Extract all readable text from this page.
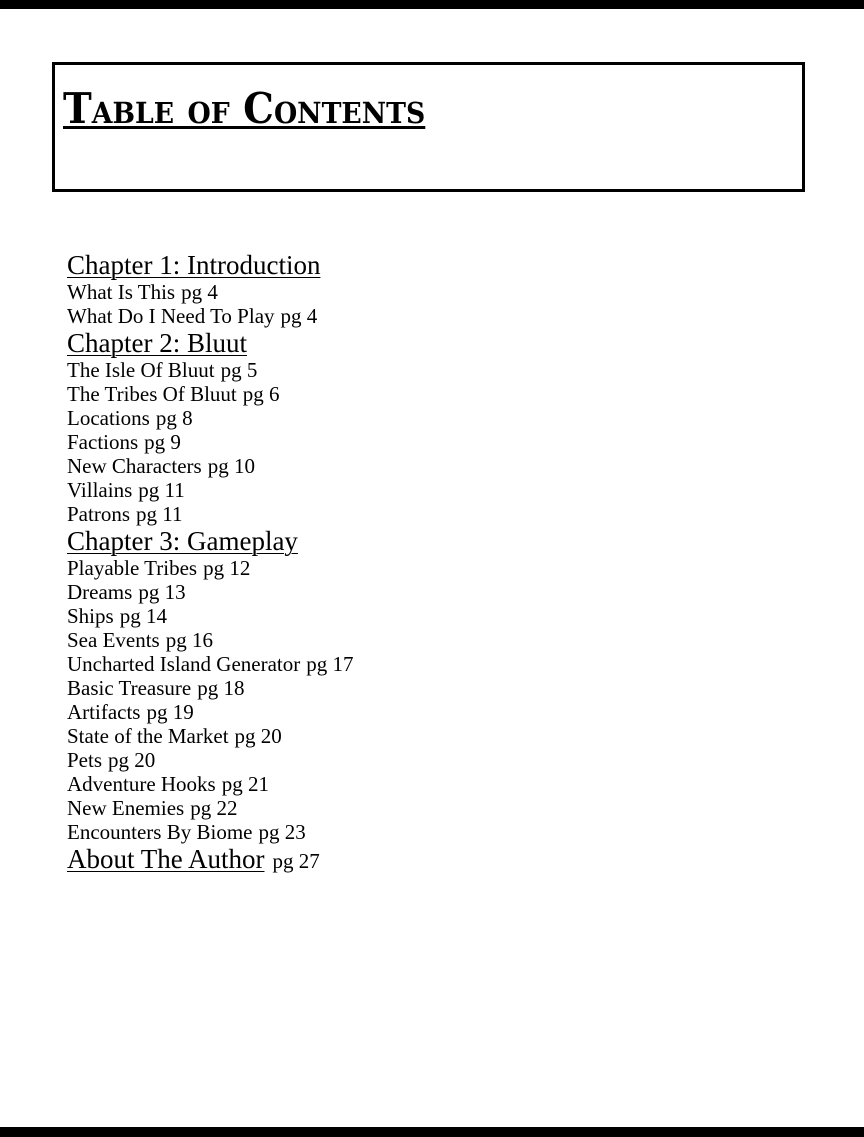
Table of Contents
Chapter 1: Introduction
What Is This pg 4
What Do I Need To Play pg 4
Chapter 2: Bluut
The Isle Of Bluut pg 5
The Tribes Of Bluut pg 6
Locations pg 8
Factions pg 9
New Characters pg 10
Villains pg 11
Patrons pg 11
Chapter 3: Gameplay
Playable Tribes pg 12
Dreams pg 13
Ships pg 14
Sea Events pg 16
Uncharted Island Generator pg 17
Basic Treasure pg 18
Artifacts pg 19
State of the Market pg 20
Pets pg 20
Adventure Hooks pg 21
New Enemies pg 22
Encounters By Biome pg 23
About The Author pg 27
